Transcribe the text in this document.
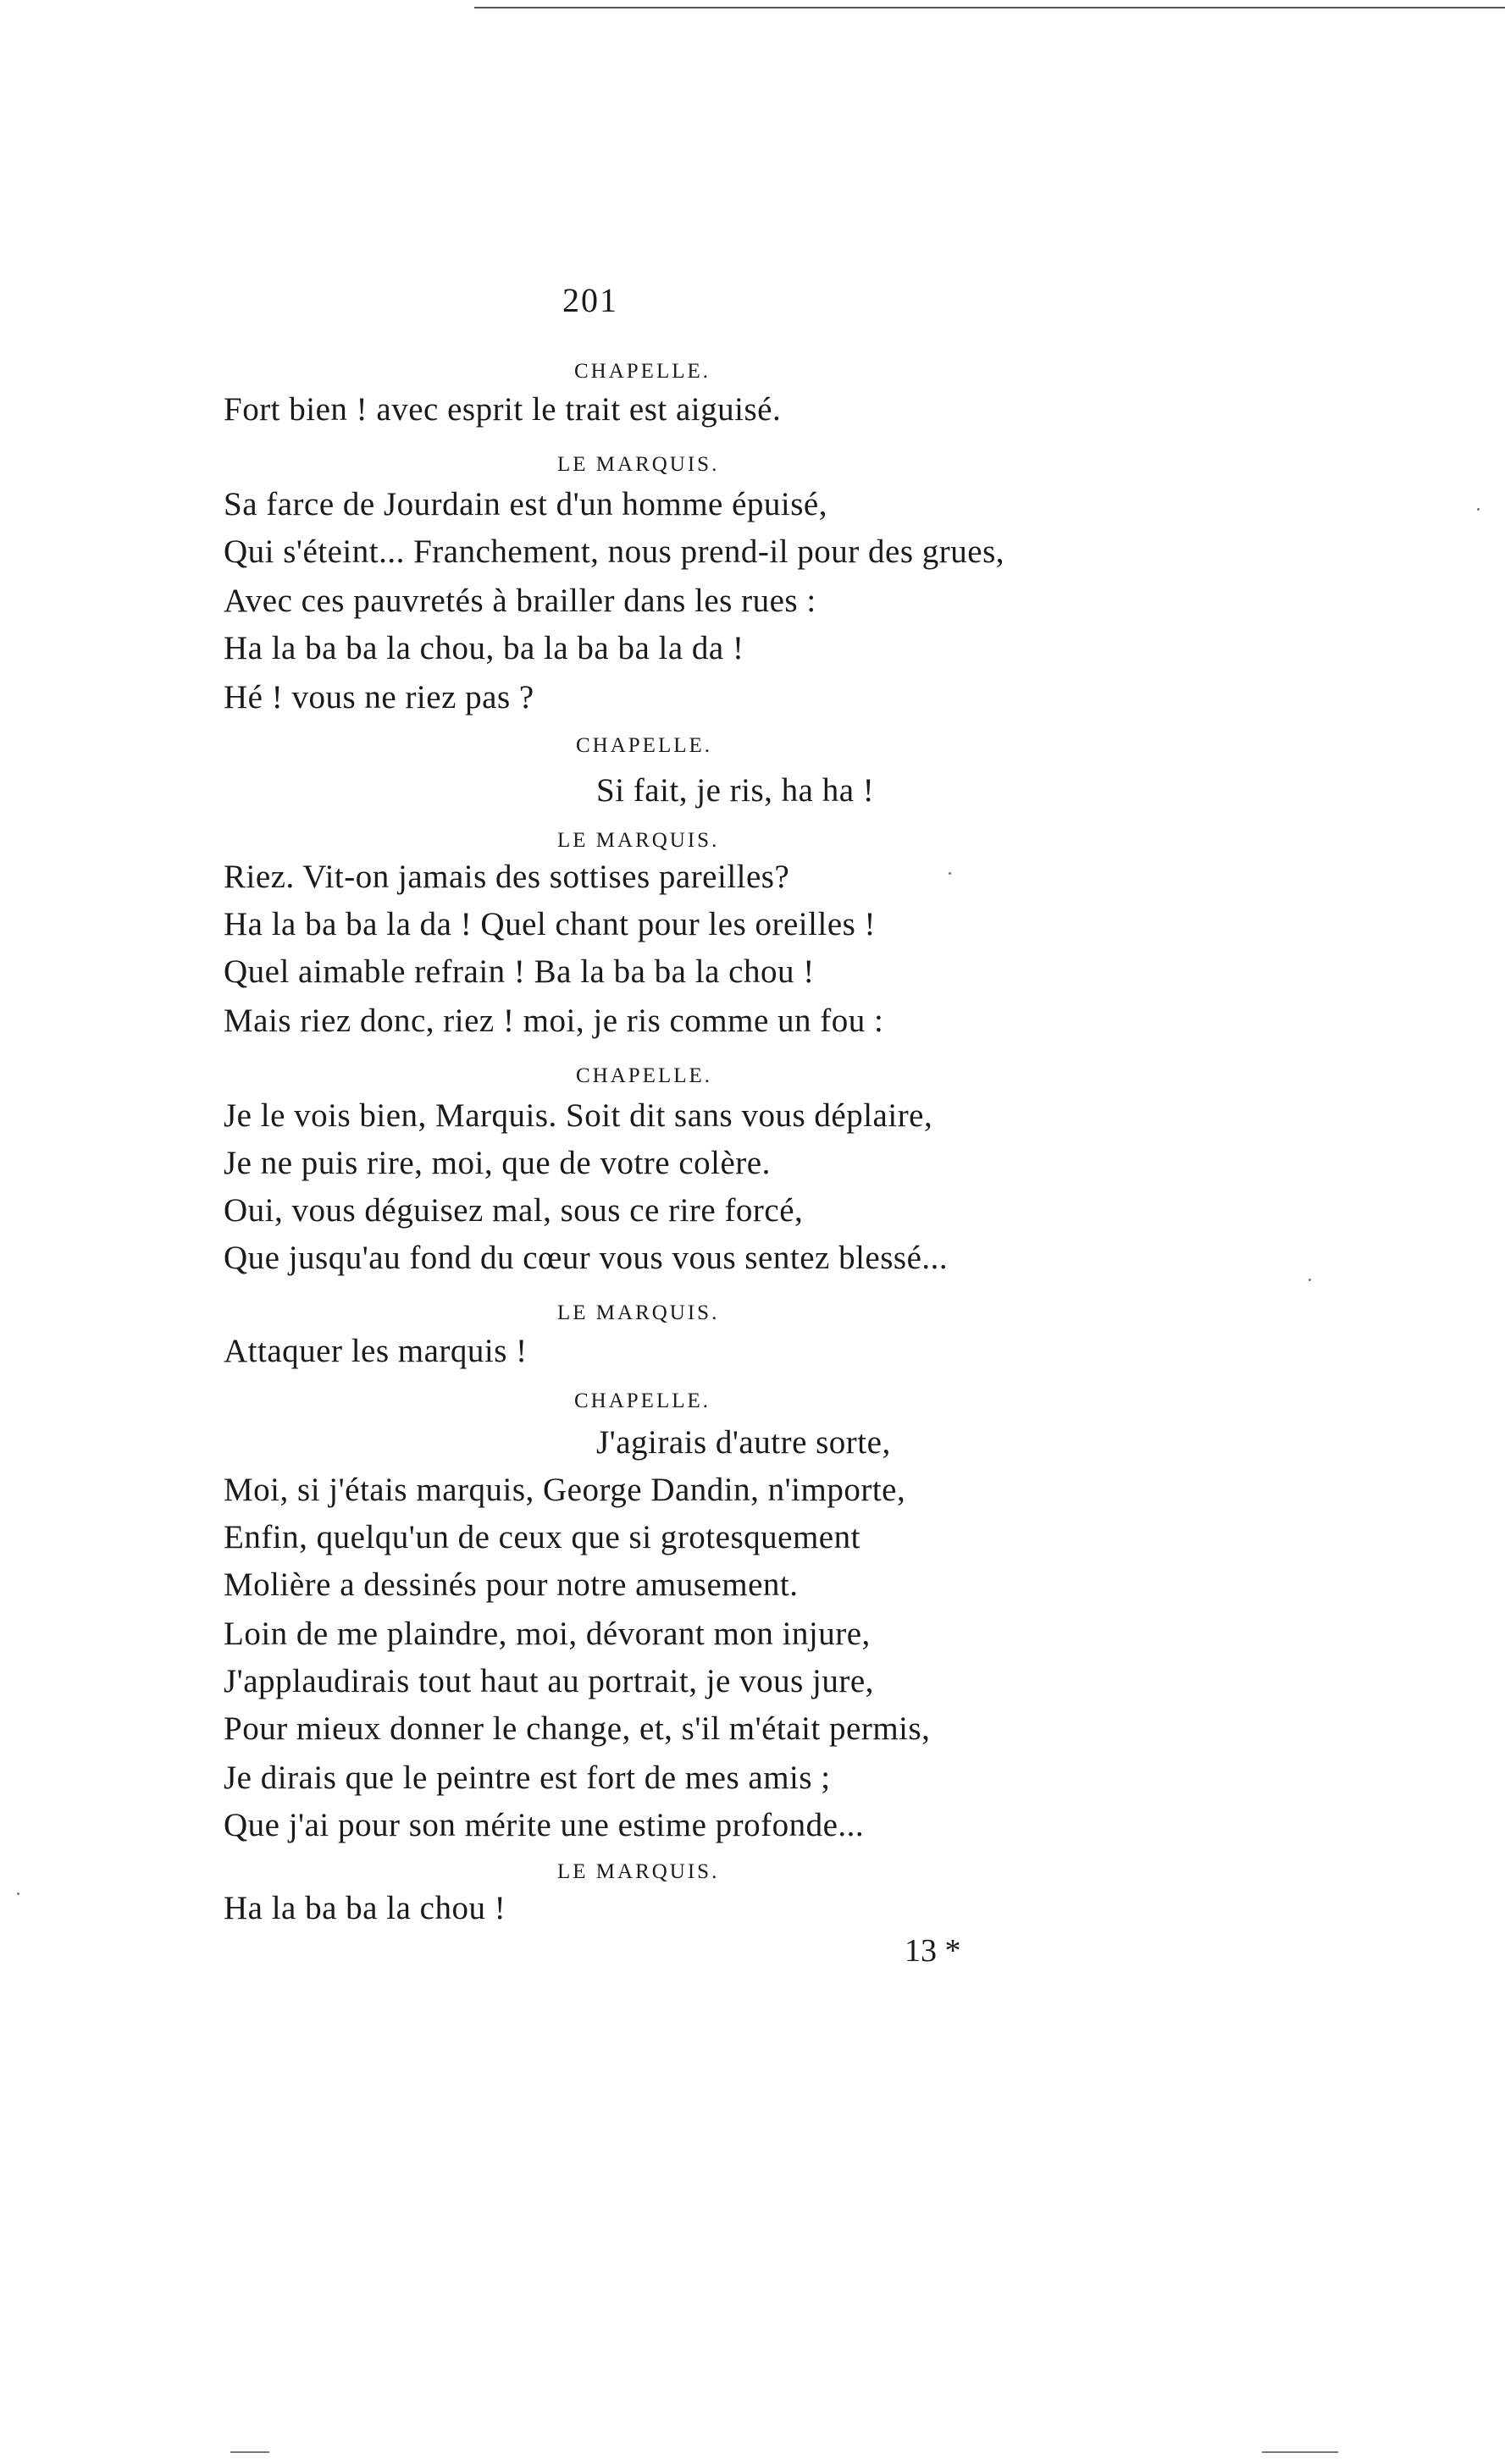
201
CHAPELLE.
Fort bien ! avec esprit le trait est aiguisé.
LE MARQUIS.
Sa farce de Jourdain est d'un homme épuisé,
Qui s'éteint... Franchement, nous prend-il pour des grues,
Avec ces pauvretés à brailler dans les rues :
Ha la ba ba la chou, ba la ba ba la da !
Hé ! vous ne riez pas ?
CHAPELLE.
Si fait, je ris, ha ha !
LE MARQUIS.
Riez. Vit-on jamais des sottises pareilles?
Ha la ba ba la da ! Quel chant pour les oreilles !
Quel aimable refrain ! Ba la ba ba la chou !
Mais riez donc, riez ! moi, je ris comme un fou :
CHAPELLE.
Je le vois bien, Marquis. Soit dit sans vous déplaire,
Je ne puis rire, moi, que de votre colère.
Oui, vous déguisez mal, sous ce rire forcé,
Que jusqu'au fond du cœur vous vous sentez blessé...
LE MARQUIS.
Attaquer les marquis !
CHAPELLE.
J'agirais d'autre sorte,
Moi, si j'étais marquis, George Dandin, n'importe,
Enfin, quelqu'un de ceux que si grotesquement
Molière a dessinés pour notre amusement.
Loin de me plaindre, moi, dévorant mon injure,
J'applaudirais tout haut au portrait, je vous jure,
Pour mieux donner le change, et, s'il m'était permis,
Je dirais que le peintre est fort de mes amis ;
Que j'ai pour son mérite une estime profonde...
LE MARQUIS.
Ha la ba ba la chou !
13 *
